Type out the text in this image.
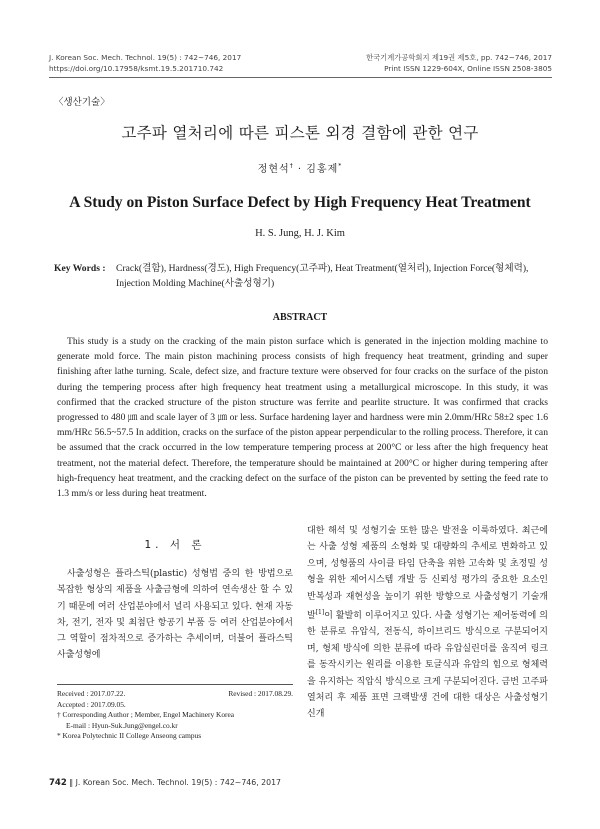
J. Korean Soc. Mech. Technol. 19(5) : 742~746, 2017
https://doi.org/10.17958/ksmt.19.5.201710.742
한국기계가공학회지 제19권 제5호, pp. 742~746, 2017
Print ISSN 1229-604X, Online ISSN 2508-3805
〈생산기술〉
고주파 열처리에 따른 피스톤 외경 결함에 관한 연구
정현석† · 김홍제*
A Study on Piston Surface Defect by High Frequency Heat Treatment
H. S. Jung, H. J. Kim
Key Words :	Crack(결함), Hardness(경도), High Frequency(고주파), Heat Treatment(열처리), Injection Force(형체력), Injection Molding Machine(사출성형기)
ABSTRACT
This study is a study on the cracking of the main piston surface which is generated in the injection molding machine to generate mold force. The main piston machining process consists of high frequency heat treatment, grinding and super finishing after lathe turning. Scale, defect size, and fracture texture were observed for four cracks on the surface of the piston during the tempering process after high frequency heat treatment using a metallurgical microscope. In this study, it was confirmed that the cracked structure of the piston structure was ferrite and pearlite structure. It was confirmed that cracks progressed to 480 ㎛ and scale layer of 3 ㎛ or less. Surface hardening layer and hardness were min 2.0mm/HRc 58±2 spec 1.6 mm/HRc 56.5~57.5 In addition, cracks on the surface of the piston appear perpendicular to the rolling process. Therefore, it can be assumed that the crack occurred in the low temperature tempering process at 200°C or less after the high frequency heat treatment, not the material defect. Therefore, the temperature should be maintained at 200°C or higher during tempering after high-frequency heat treatment, and the cracking defect on the surface of the piston can be prevented by setting the feed rate to 1.3 mm/s or less during heat treatment.
1. 서 론
사출성형은 플라스틱(plastic) 성형법 중의 한 방법으로 복잡한 형상의 제품을 사출금형에 의하여 연속생산 할 수 있기 때문에 여러 산업분야에서 널리 사용되고 있다. 현재 자동차, 전기, 전자 및 최첨단 항공기 부품 등 여러 산업분야에서 그 역할이 점차적으로 증가하는 추세이며, 더불어 플라스틱 사출성형에
대한 해석 및 성형기술 또한 많은 발전을 이룩하였다. 최근에는 사출 성형 제품의 소형화 및 대량화의 추세로 변화하고 있으며, 성형품의 사이클 타임 단축을 위한 고속화 및 초정밀 성형을 위한 제어시스템 개발 등 신뢰성 평가의 중요한 요소인 반복성과 재현성을 높이기 위한 방향으로 사출성형기 기술개발[1]이 활발히 이루어지고 있다. 사출 성형기는 제어동력에 의한 분류로 유압식, 전동식, 하이브리드 방식으로 구분되어지며, 형체 방식에 의한 분류에 따라 유압실린더를 움직여 링크를 동작시키는 원리를 이용한 토글식과 유압의 힘으로 형체력을 유지하는 직압식 방식으로 크게 구분되어진다. 금번 고주파 열처리 후 제품 표면 크랙발생 건에 대한 대상은 사출성형기 신개
Received : 2017.07.22.	Revised : 2017.08.29.
Accepted : 2017.09.05.
† Corresponding Author ; Member, Engel Machinery Korea
E-mail : Hyun-Suk.Jung@engel.co.kr
* Korea Polytechnic II College Anseong campus
742 ‖ J. Korean Soc. Mech. Technol. 19(5) : 742~746, 2017
